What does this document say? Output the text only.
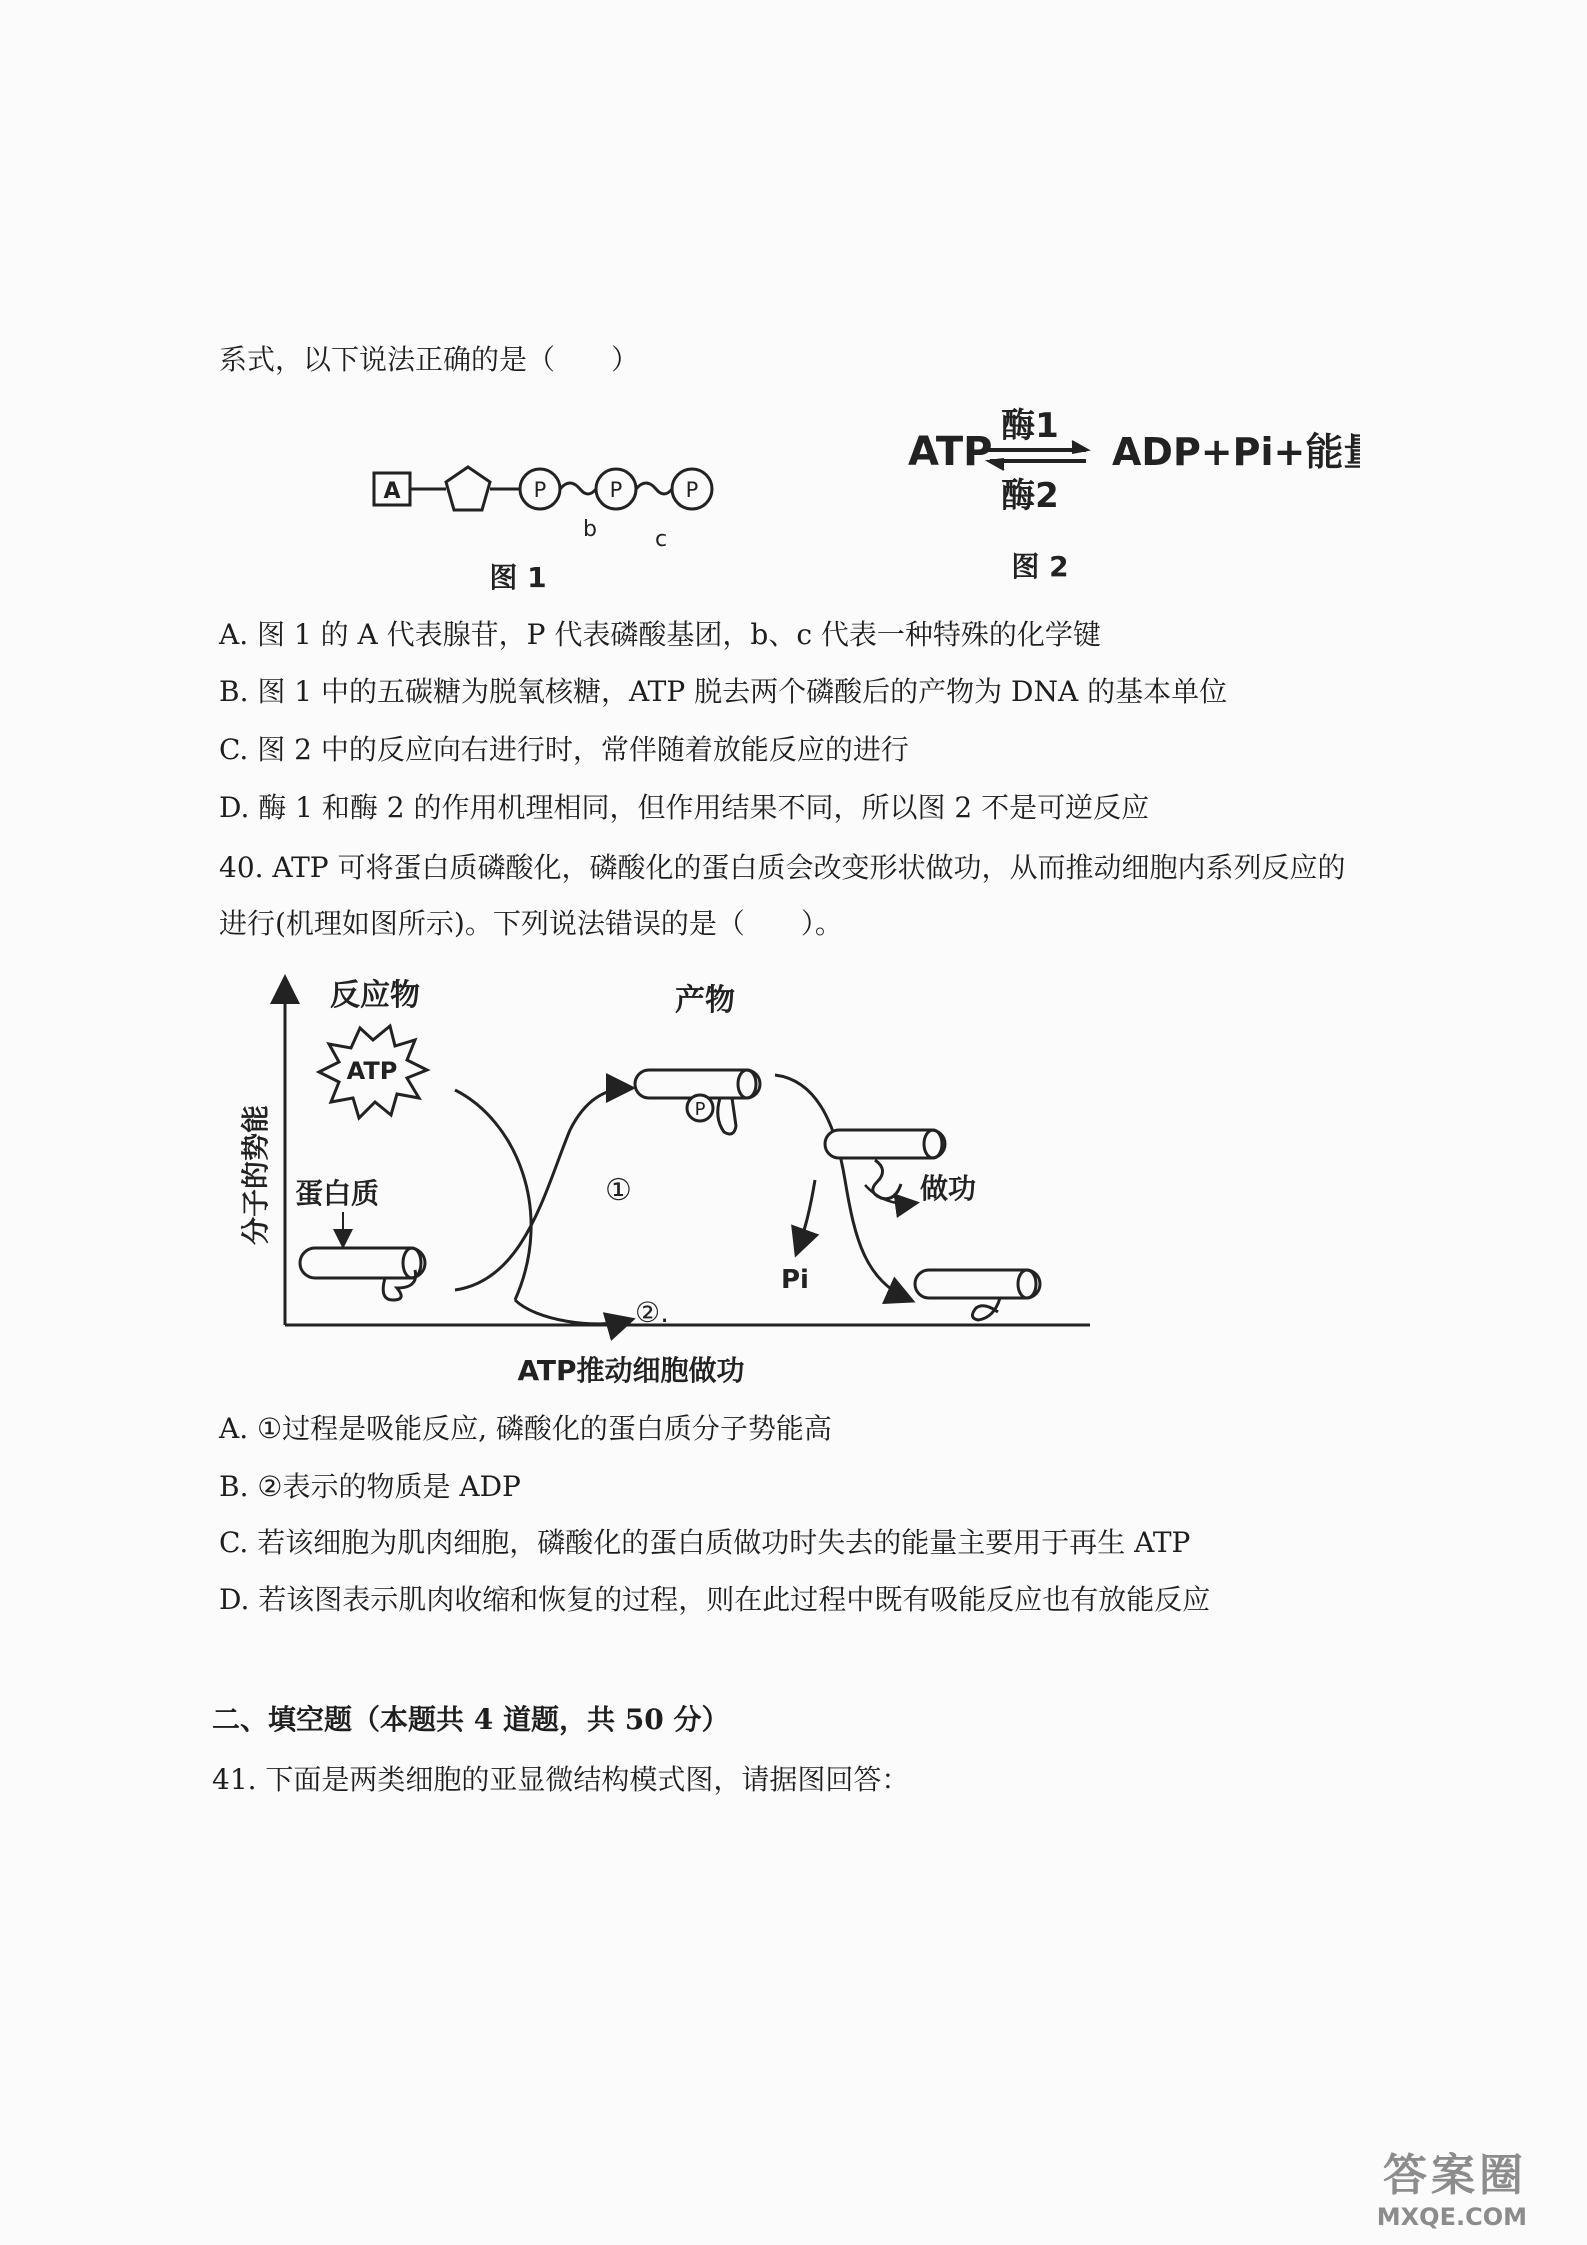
系式，以下说法正确的是（　　）
A	P	P	P
b	c
图 1
ATP
酶1
酶2
ADP+Pi+能量
图 2
A. 图 1 的 A 代表腺苷，P 代表磷酸基团，b、c 代表一种特殊的化学键
B. 图 1 中的五碳糖为脱氧核糖，ATP 脱去两个磷酸后的产物为 DNA 的基本单位
C. 图 2 中的反应向右进行时，常伴随着放能反应的进行
D. 酶 1 和酶 2 的作用机理相同，但作用结果不同，所以图 2 不是可逆反应
40. ATP 可将蛋白质磷酸化，磷酸化的蛋白质会改变形状做功，从而推动细胞内系列反应的
进行(机理如图所示)。下列说法错误的是（　　）。
分子的势能
反应物
ATP
蛋白质	①
②.
产物
P
Pi
做功
ATP推动细胞做功
A. ①过程是吸能反应, 磷酸化的蛋白质分子势能高
B. ②表示的物质是 ADP
C. 若该细胞为肌肉细胞，磷酸化的蛋白质做功时失去的能量主要用于再生 ATP
D. 若该图表示肌肉收缩和恢复的过程，则在此过程中既有吸能反应也有放能反应
二、填空题（本题共 4 道题，共 50 分）
41. 下面是两类细胞的亚显微结构模式图，请据图回答：
答案圈
MXQE.COM
